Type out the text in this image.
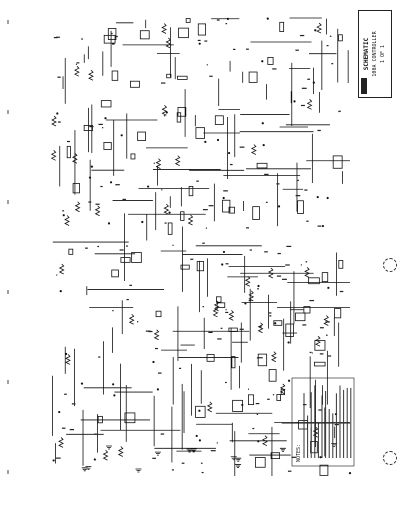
NOTES:
SCHEMATIC 100A CONTROLLER 1 OF 1
